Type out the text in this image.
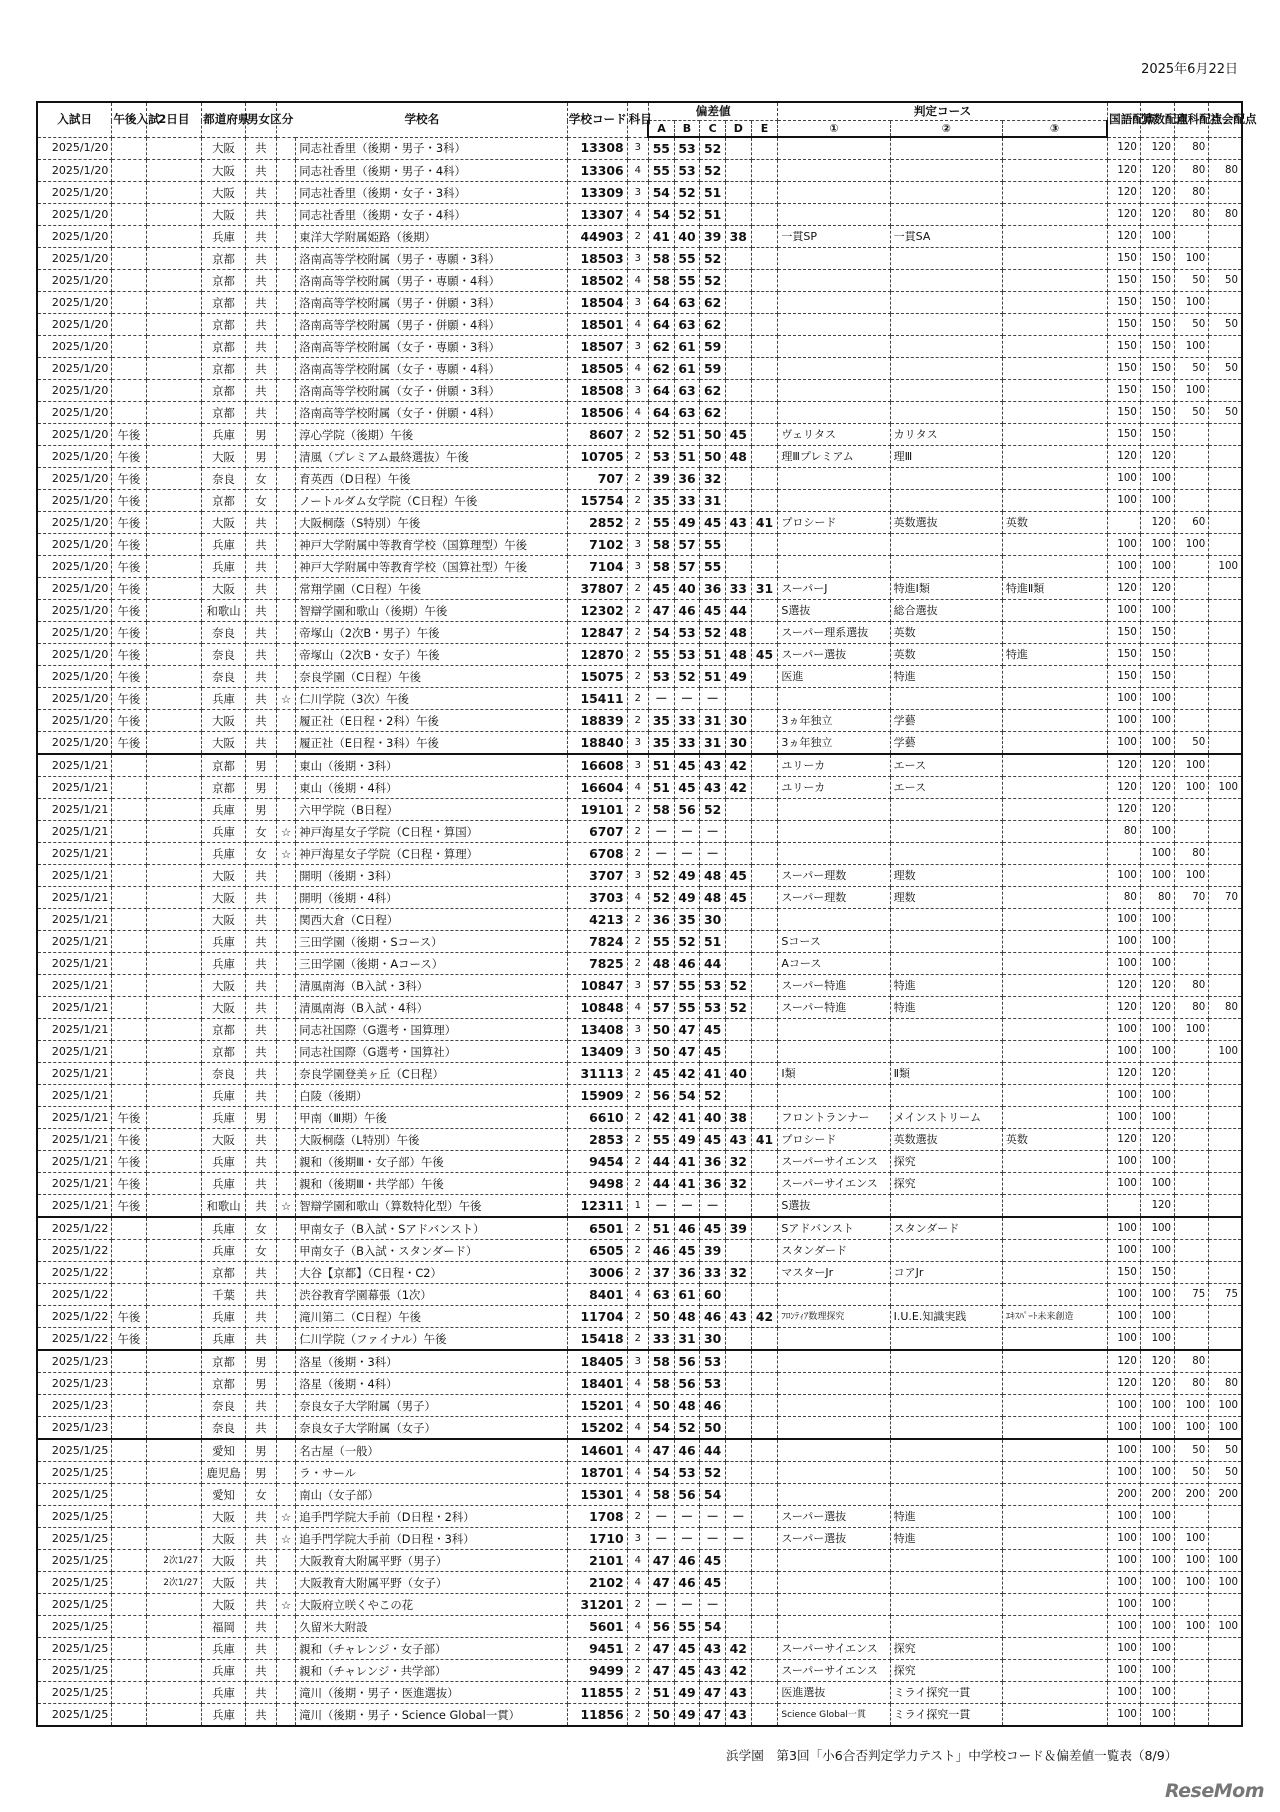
2025年6月22日
入試日	午後入試	2日目	都道府県	男女区分	学校名		学校コード	科目	偏差値					判定コース			国語配点	算数配点	理科配点	社会配点
									A	B	C	D	E	①	②	③				
2025/1/20			大阪	共		同志社香里（後期・男子・3科）	13308	3	55	53	52						120	120	80	
2025/1/20			大阪	共		同志社香里（後期・男子・4科）	13306	4	55	53	52						120	120	80	80
2025/1/20			大阪	共		同志社香里（後期・女子・3科）	13309	3	54	52	51						120	120	80	
2025/1/20			大阪	共		同志社香里（後期・女子・4科）	13307	4	54	52	51						120	120	80	80
2025/1/20			兵庫	共		東洋大学附属姫路（後期）	44903	2	41	40	39	38		一貫SP	一貫SA		120	100		
2025/1/20			京都	共		洛南高等学校附属（男子・専願・3科）	18503	3	58	55	52						150	150	100	
2025/1/20			京都	共		洛南高等学校附属（男子・専願・4科）	18502	4	58	55	52						150	150	50	50
2025/1/20			京都	共		洛南高等学校附属（男子・併願・3科）	18504	3	64	63	62						150	150	100	
2025/1/20			京都	共		洛南高等学校附属（男子・併願・4科）	18501	4	64	63	62						150	150	50	50
2025/1/20			京都	共		洛南高等学校附属（女子・専願・3科）	18507	3	62	61	59						150	150	100	
2025/1/20			京都	共		洛南高等学校附属（女子・専願・4科）	18505	4	62	61	59						150	150	50	50
2025/1/20			京都	共		洛南高等学校附属（女子・併願・3科）	18508	3	64	63	62						150	150	100	
2025/1/20			京都	共		洛南高等学校附属（女子・併願・4科）	18506	4	64	63	62						150	150	50	50
2025/1/20	午後		兵庫	男		淳心学院（後期）午後	8607	2	52	51	50	45		ヴェリタス	カリタス		150	150		
2025/1/20	午後		大阪	男		清風（プレミアム最終選抜）午後	10705	2	53	51	50	48		理Ⅲプレミアム	理Ⅲ		120	120		
2025/1/20	午後		奈良	女		育英西（D日程）午後	707	2	39	36	32						100	100		
2025/1/20	午後		京都	女		ノートルダム女学院（C日程）午後	15754	2	35	33	31						100	100		
2025/1/20	午後		大阪	共		大阪桐蔭（S特別）午後	2852	2	55	49	45	43	41	プロシード	英数選抜	英数		120	60	
2025/1/20	午後		兵庫	共		神戸大学附属中等教育学校（国算理型）午後	7102	3	58	57	55						100	100	100	
2025/1/20	午後		兵庫	共		神戸大学附属中等教育学校（国算社型）午後	7104	3	58	57	55						100	100		100
2025/1/20	午後		大阪	共		常翔学園（C日程）午後	37807	2	45	40	36	33	31	スーパーJ	特進Ⅰ類	特進Ⅱ類	120	120		
2025/1/20	午後		和歌山	共		智辯学園和歌山（後期）午後	12302	2	47	46	45	44		S選抜	総合選抜		100	100		
2025/1/20	午後		奈良	共		帝塚山（2次B・男子）午後	12847	2	54	53	52	48		スーパー理系選抜	英数		150	150		
2025/1/20	午後		奈良	共		帝塚山（2次B・女子）午後	12870	2	55	53	51	48	45	スーパー選抜	英数	特進	150	150		
2025/1/20	午後		奈良	共		奈良学園（C日程）午後	15075	2	53	52	51	49		医進	特進		150	150		
2025/1/20	午後		兵庫	共	☆	仁川学院（3次）午後	15411	2	－	－	－						100	100		
2025/1/20	午後		大阪	共		履正社（E日程・2科）午後	18839	2	35	33	31	30		3ヵ年独立	学藝		100	100		
2025/1/20	午後		大阪	共		履正社（E日程・3科）午後	18840	3	35	33	31	30		3ヵ年独立	学藝		100	100	50	
2025/1/21			京都	男		東山（後期・3科）	16608	3	51	45	43	42		ユリーカ	エース		120	120	100	
2025/1/21			京都	男		東山（後期・4科）	16604	4	51	45	43	42		ユリーカ	エース		120	120	100	100
2025/1/21			兵庫	男		六甲学院（B日程）	19101	2	58	56	52						120	120		
2025/1/21			兵庫	女	☆	神戸海星女子学院（C日程・算国）	6707	2	－	－	－						80	100		
2025/1/21			兵庫	女	☆	神戸海星女子学院（C日程・算理）	6708	2	－	－	－							100	80	
2025/1/21			大阪	共		開明（後期・3科）	3707	3	52	49	48	45		スーパー理数	理数		100	100	100	
2025/1/21			大阪	共		開明（後期・4科）	3703	4	52	49	48	45		スーパー理数	理数		80	80	70	70
2025/1/21			大阪	共		関西大倉（C日程）	4213	2	36	35	30						100	100		
2025/1/21			兵庫	共		三田学園（後期・Sコース）	7824	2	55	52	51			Sコース			100	100		
2025/1/21			兵庫	共		三田学園（後期・Aコース）	7825	2	48	46	44			Aコース			100	100		
2025/1/21			大阪	共		清風南海（B入試・3科）	10847	3	57	55	53	52		スーパー特進	特進		120	120	80	
2025/1/21			大阪	共		清風南海（B入試・4科）	10848	4	57	55	53	52		スーパー特進	特進		120	120	80	80
2025/1/21			京都	共		同志社国際（G選考・国算理）	13408	3	50	47	45						100	100	100	
2025/1/21			京都	共		同志社国際（G選考・国算社）	13409	3	50	47	45						100	100		100
2025/1/21			奈良	共		奈良学園登美ヶ丘（C日程）	31113	2	45	42	41	40		Ⅰ類	Ⅱ類		120	120		
2025/1/21			兵庫	共		白陵（後期）	15909	2	56	54	52						100	100		
2025/1/21	午後		兵庫	男		甲南（Ⅲ期）午後	6610	2	42	41	40	38		フロントランナー	メインストリーム		100	100		
2025/1/21	午後		大阪	共		大阪桐蔭（L特別）午後	2853	2	55	49	45	43	41	プロシード	英数選抜	英数	120	120		
2025/1/21	午後		兵庫	共		親和（後期Ⅲ・女子部）午後	9454	2	44	41	36	32		スーパーサイエンス	探究		100	100		
2025/1/21	午後		兵庫	共		親和（後期Ⅲ・共学部）午後	9498	2	44	41	36	32		スーパーサイエンス	探究		100	100		
2025/1/21	午後		和歌山	共	☆	智辯学園和歌山（算数特化型）午後	12311	1	－	－	－			S選抜				120		
2025/1/22			兵庫	女		甲南女子（B入試・Sアドバンスト）	6501	2	51	46	45	39		Sアドバンスト	スタンダード		100	100		
2025/1/22			兵庫	女		甲南女子（B入試・スタンダード）	6505	2	46	45	39			スタンダード			100	100		
2025/1/22			京都	共		大谷【京都】（C日程・C2）	3006	2	37	36	33	32		マスターJr	コアJr		150	150		
2025/1/22			千葉	共		渋谷教育学園幕張（1次）	8401	4	63	61	60						100	100	75	75
2025/1/22	午後		兵庫	共		滝川第二（C日程）午後	11704	2	50	48	46	43	42	ﾌﾛﾝﾃｨｱ数理探究	I.U.E.知識実践	ｴｷｽﾊﾟｰﾄ未来創造	100	100		
2025/1/22	午後		兵庫	共		仁川学院（ファイナル）午後	15418	2	33	31	30						100	100		
2025/1/23			京都	男		洛星（後期・3科）	18405	3	58	56	53						120	120	80	
2025/1/23			京都	男		洛星（後期・4科）	18401	4	58	56	53						120	120	80	80
2025/1/23			奈良	共		奈良女子大学附属（男子）	15201	4	50	48	46						100	100	100	100
2025/1/23			奈良	共		奈良女子大学附属（女子）	15202	4	54	52	50						100	100	100	100
2025/1/25			愛知	男		名古屋（一般）	14601	4	47	46	44						100	100	50	50
2025/1/25			鹿児島	男		ラ・サール	18701	4	54	53	52						100	100	50	50
2025/1/25			愛知	女		南山（女子部）	15301	4	58	56	54						200	200	200	200
2025/1/25			大阪	共	☆	追手門学院大手前（D日程・2科）	1708	2	－	－	－	－		スーパー選抜	特進		100	100		
2025/1/25			大阪	共	☆	追手門学院大手前（D日程・3科）	1710	3	－	－	－	－		スーパー選抜	特進		100	100	100	
2025/1/25		2次1/27	大阪	共		大阪教育大附属平野（男子）	2101	4	47	46	45						100	100	100	100
2025/1/25		2次1/27	大阪	共		大阪教育大附属平野（女子）	2102	4	47	46	45						100	100	100	100
2025/1/25			大阪	共	☆	大阪府立咲くやこの花	31201	2	－	－	－						100	100		
2025/1/25			福岡	共		久留米大附設	5601	4	56	55	54						100	100	100	100
2025/1/25			兵庫	共		親和（チャレンジ・女子部）	9451	2	47	45	43	42		スーパーサイエンス	探究		100	100		
2025/1/25			兵庫	共		親和（チャレンジ・共学部）	9499	2	47	45	43	42		スーパーサイエンス	探究		100	100		
2025/1/25			兵庫	共		滝川（後期・男子・医進選抜）	11855	2	51	49	47	43		医進選抜	ミライ探究一貫		100	100		
2025/1/25			兵庫	共		滝川（後期・男子・Science Global一貫）	11856	2	50	49	47	43		Science Global一貫	ミライ探究一貫		100	100		
浜学園　第3回「小6合否判定学力テスト」中学校コード＆偏差値一覧表（8/9）
ReseMom
